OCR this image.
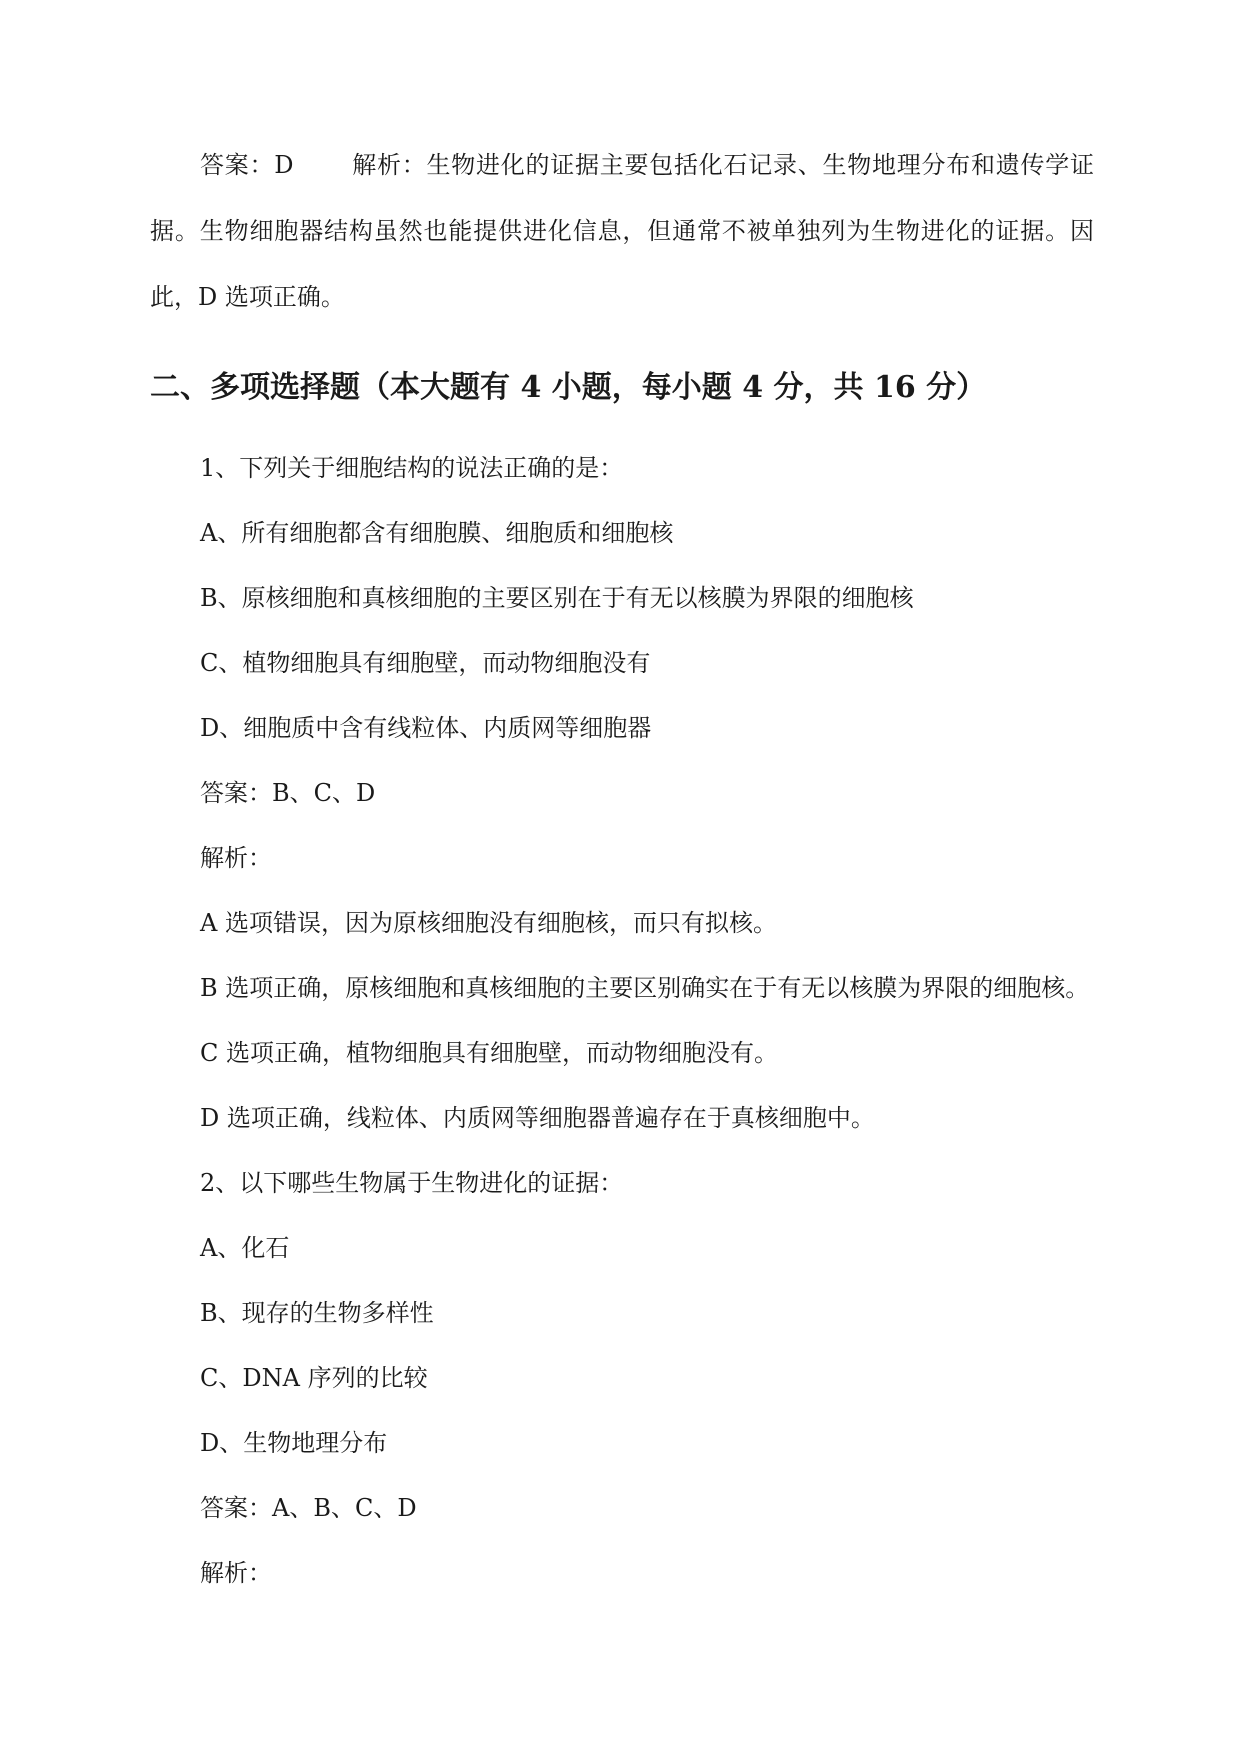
答案：D 解析：生物进化的证据主要包括化石记录、生物地理分布和遗传学证据。生物细胞器结构虽然也能提供进化信息，但通常不被单独列为生物进化的证据。因此，D 选项正确。
二、多项选择题（本大题有 4 小题，每小题 4 分，共 16 分）
1、下列关于细胞结构的说法正确的是：
A、所有细胞都含有细胞膜、细胞质和细胞核
B、原核细胞和真核细胞的主要区别在于有无以核膜为界限的细胞核
C、植物细胞具有细胞壁，而动物细胞没有
D、细胞质中含有线粒体、内质网等细胞器
答案：B、C、D
解析：
A 选项错误，因为原核细胞没有细胞核，而只有拟核。
B 选项正确，原核细胞和真核细胞的主要区别确实在于有无以核膜为界限的细胞核。
C 选项正确，植物细胞具有细胞壁，而动物细胞没有。
D 选项正确，线粒体、内质网等细胞器普遍存在于真核细胞中。
2、以下哪些生物属于生物进化的证据：
A、化石
B、现存的生物多样性
C、DNA 序列的比较
D、生物地理分布
答案：A、B、C、D
解析：
